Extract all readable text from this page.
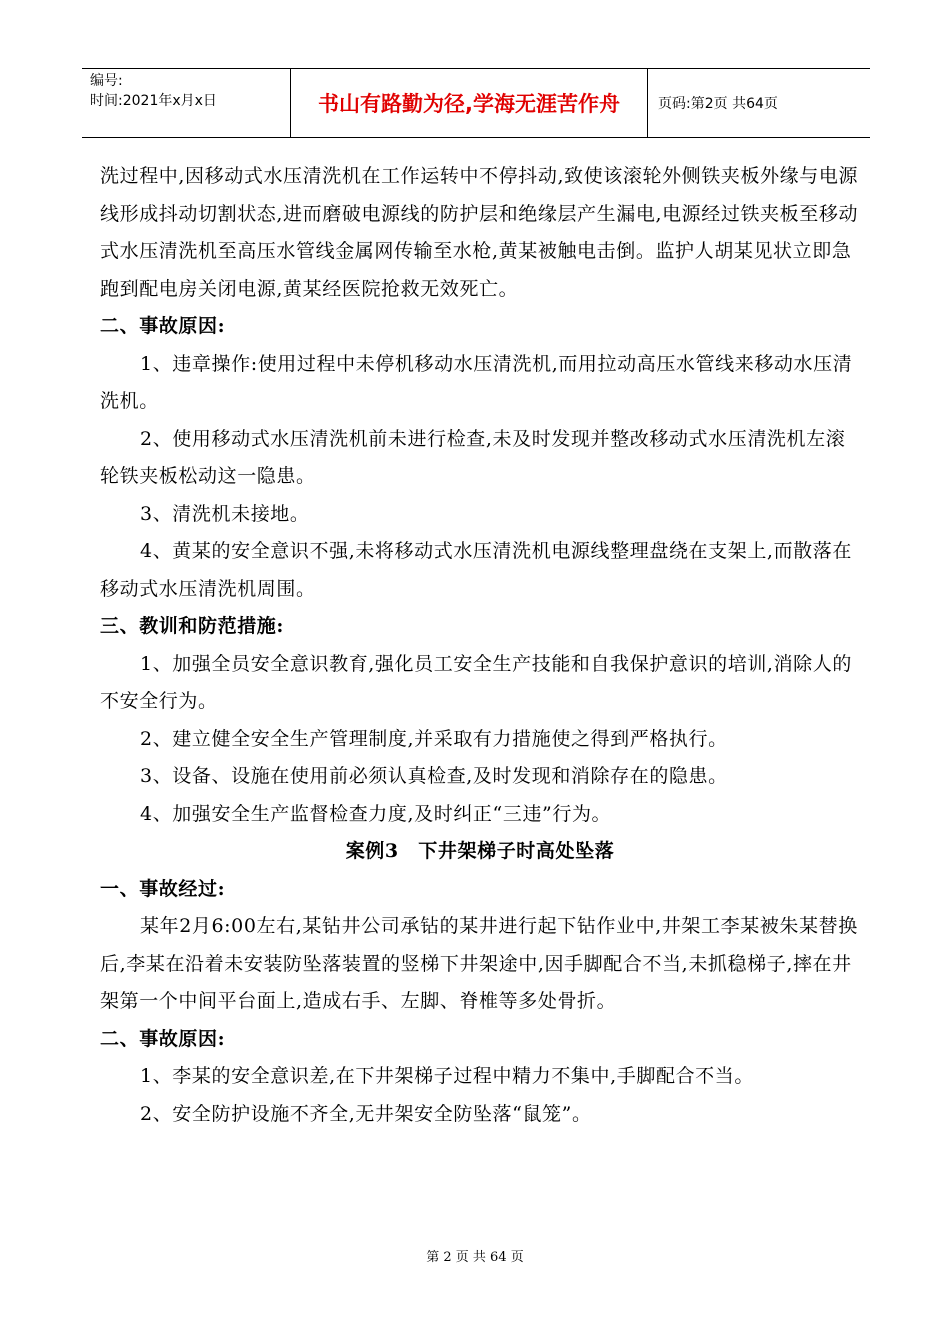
编号:
时间:2021年x月x日	书山有路勤为径,学海无涯苦作舟	页码:第2页 共64页

洗过程中,因移动式水压清洗机在工作运转中不停抖动,致使该滚轮外侧铁夹板外缘与电源线形成抖动切割状态,进而磨破电源线的防护层和绝缘层产生漏电,电源经过铁夹板至移动式水压清洗机至高压水管线金属网传输至水枪,黄某被触电击倒。监护人胡某见状立即急跑到配电房关闭电源,黄某经医院抢救无效死亡。

二、事故原因:

1、违章操作:使用过程中未停机移动水压清洗机,而用拉动高压水管线来移动水压清洗机。

2、使用移动式水压清洗机前未进行检查,未及时发现并整改移动式水压清洗机左滚轮铁夹板松动这一隐患。

3、清洗机未接地。

4、黄某的安全意识不强,未将移动式水压清洗机电源线整理盘绕在支架上,而散落在移动式水压清洗机周围。

三、教训和防范措施:

1、加强全员安全意识教育,强化员工安全生产技能和自我保护意识的培训,消除人的不安全行为。

2、建立健全安全生产管理制度,并采取有力措施使之得到严格执行。

3、设备、设施在使用前必须认真检查,及时发现和消除存在的隐患。

4、加强安全生产监督检查力度,及时纠正“三违”行为。

案例3　下井架梯子时高处坠落

一、事故经过:

某年2月6:00左右,某钻井公司承钻的某井进行起下钻作业中,井架工李某被朱某替换后,李某在沿着未安装防坠落装置的竖梯下井架途中,因手脚配合不当,未抓稳梯子,摔在井架第一个中间平台面上,造成右手、左脚、脊椎等多处骨折。

二、事故原因:

1、李某的安全意识差,在下井架梯子过程中精力不集中,手脚配合不当。

2、安全防护设施不齐全,无井架安全防坠落“鼠笼”。

第 2 页 共 64 页
